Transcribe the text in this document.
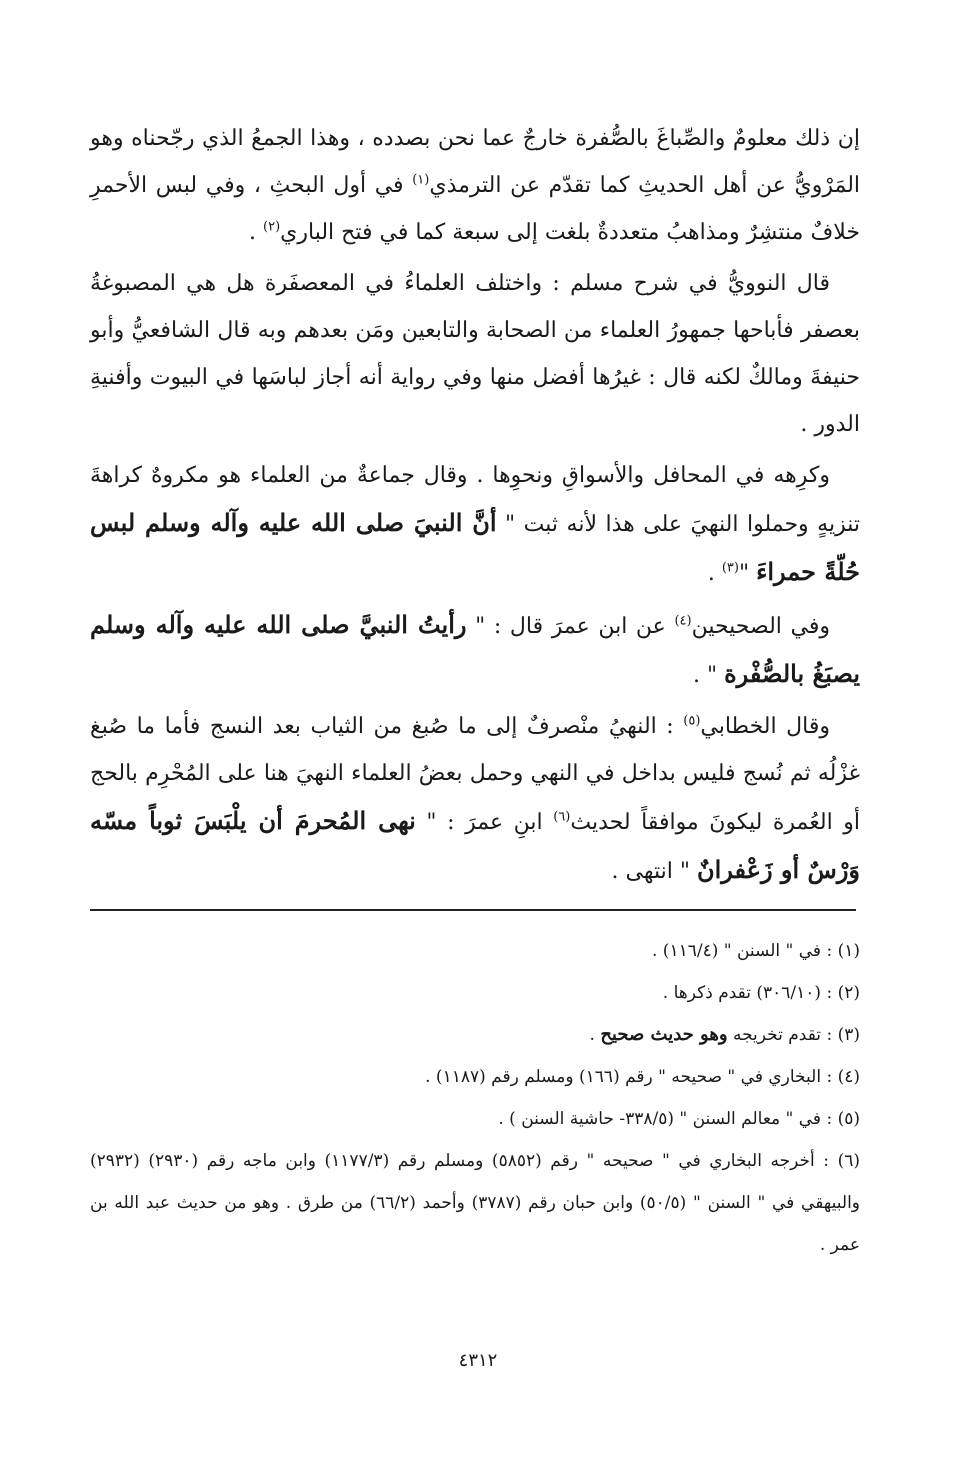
إن ذلك معلومٌ والصِّباغَ بالصُّفرة خارجٌ عما نحن بصدده ، وهذا الجمعُ الذي رجّحناه وهو المَرْويُّ عن أهل الحديثِ كما تقدّم عن الترمذي$^{(١)}$ في أول البحثِ ، وفي لبس الأحمرِ خلافٌ منتشِرٌ ومذاهبُ متعددةٌ بلغت إلى سبعة كما في فتح الباري$^{(٢)}$ .

قال النوويُّ في شرح مسلم : واختلف العلماءُ في المعصفَرة هل هي المصبوغةُ بعصفر فأباحها جمهورُ العلماء من الصحابة والتابعين ومَن بعدهم وبه قال الشافعيُّ وأبو حنيفةَ ومالكٌ لكنه قال : غيرُها أفضل منها وفي رواية أنه أجاز لباسَها في البيوت وأفنيةِ الدور .

وكرِهه في المحافل والأسواقِ ونحوِها . وقال جماعةٌ من العلماء هو مكروهٌ كراهةَ تنزيهٍ وحملوا النهيَ على هذا لأنه ثبت " أنَّ النبيَ صلى الله عليه وآله وسلم لبس حُلّةً حمراءَ "$^{(٣)}$ .

وفي الصحيحين$^{(٤)}$ عن ابن عمرَ قال : " رأيتُ النبيَّ صلى الله عليه وآله وسلم يصبَغُ بالصُّفْرة " .

وقال الخطابي$^{(٥)}$ : النهيُ منْصرفٌ إلى ما صُبغ من الثياب بعد النسج فأما ما صُبغ غزْلُه ثم نُسج فليس بداخل في النهي وحمل بعضُ العلماء النهيَ هنا على المُحْرِم بالحج أو العُمرة ليكونَ موافقاً لحديث$^{(٦)}$ ابنِ عمرَ : " نهى المُحرمَ أن يلْبَسَ ثوباً مسّه وَرْسٌ أو زَعْفرانٌ " انتهى .

(١) : في " السنن " (١١٦/٤) .

(٢) : (٣٠٦/١٠) تقدم ذكرها .

(٣) : تقدم تخريجه وهو حديث صحيح .

(٤) : البخاري في " صحيحه " رقم (١٦٦) ومسلم رقم (١١٨٧) .

(٥) : في " معالم السنن " (٣٣٨/٥- حاشية السنن ) .

(٦) : أخرجه البخاري في " صحيحه " رقم (٥٨٥٢) ومسلم رقم (١١٧٧/٣) وابن ماجه رقم (٢٩٣٠) (٢٩٣٢) والبيهقي في " السنن " (٥٠/٥) وابن حبان رقم (٣٧٨٧) وأحمد (٦٦/٢) من طرق . وهو من حديث عبد الله بن عمر .

٤٣١٢
